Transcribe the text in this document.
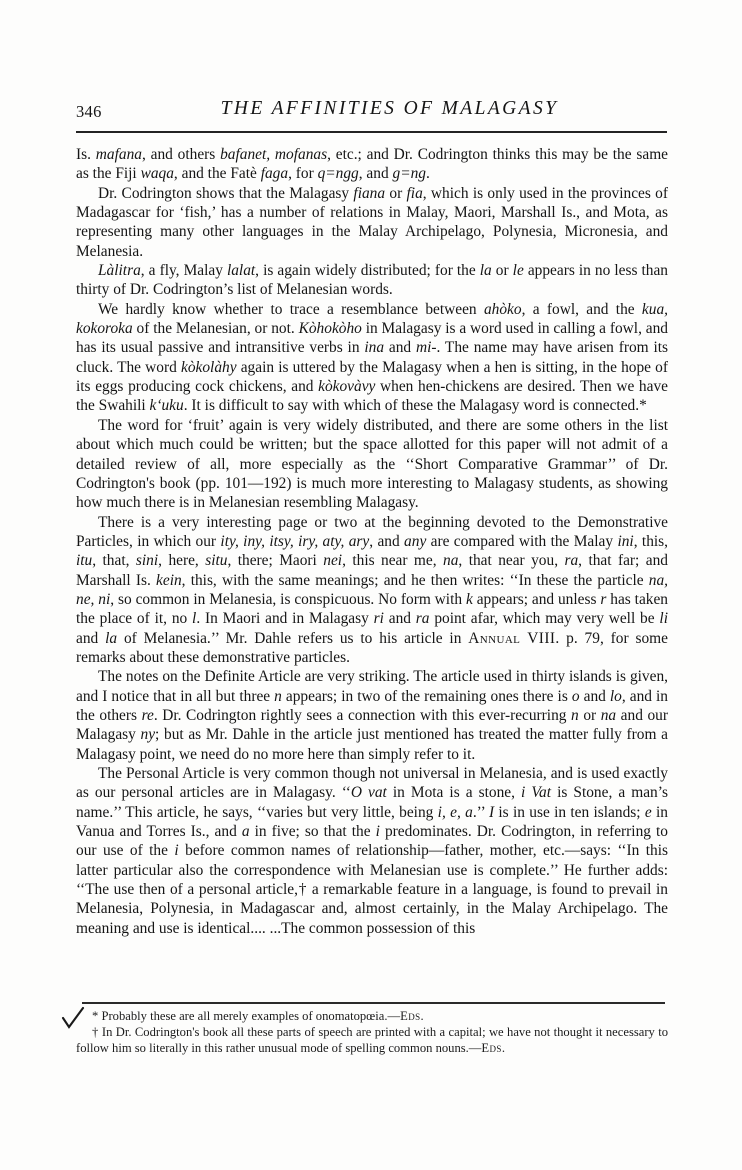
346	THE AFFINITIES OF MALAGASY

Is. mafana, and others bafanet, mofanas, etc.; and Dr. Codrington thinks this may be the same as the Fiji waqa, and the Fatè faga, for q=ngg, and g=ng.

Dr. Codrington shows that the Malagasy fiana or fia, which is only used in the provinces of Madagascar for ‘fish,’ has a number of relations in Malay, Maori, Marshall Is., and Mota, as representing many other languages in the Malay Archipelago, Polynesia, Micronesia, and Melanesia.

Làlitra, a fly, Malay lalat, is again widely distributed; for the la or le appears in no less than thirty of Dr. Codrington’s list of Melanesian words.

We hardly know whether to trace a resemblance between ahòko, a fowl, and the kua, kokoroka of the Melanesian, or not. Kòhokòho in Malagasy is a word used in calling a fowl, and has its usual passive and intransitive verbs in ina and mi-. The name may have arisen from its cluck. The word kòkolàhy again is uttered by the Malagasy when a hen is sitting, in the hope of its eggs producing cock chickens, and kòkovàvy when hen-chickens are desired. Then we have the Swahili k‘uku. It is difficult to say with which of these the Malagasy word is connected.*

The word for ‘fruit’ again is very widely distributed, and there are some others in the list about which much could be written; but the space allotted for this paper will not admit of a detailed review of all, more especially as the ‘‘Short Comparative Grammar’’ of Dr. Codrington's book (pp. 101—192) is much more interesting to Malagasy students, as showing how much there is in Melanesian resembling Malagasy.

There is a very interesting page or two at the beginning devoted to the Demonstrative Particles, in which our ity, iny, itsy, iry, aty, ary, and any are compared with the Malay ini, this, itu, that, sini, here, situ, there; Maori nei, this near me, na, that near you, ra, that far; and Marshall Is. kein, this, with the same meanings; and he then writes: ‘‘In these the particle na, ne, ni, so common in Melanesia, is conspicuous. No form with k appears; and unless r has taken the place of it, no l. In Maori and in Malagasy ri and ra point afar, which may very well be li and la of Melanesia.’’ Mr. Dahle refers us to his article in Annual VIII. p. 79, for some remarks about these demonstrative particles.

The notes on the Definite Article are very striking. The article used in thirty islands is given, and I notice that in all but three n appears; in two of the remaining ones there is o and lo, and in the others re. Dr. Codrington rightly sees a connection with this ever-recurring n or na and our Malagasy ny; but as Mr. Dahle in the article just mentioned has treated the matter fully from a Malagasy point, we need do no more here than simply refer to it.

The Personal Article is very common though not universal in Melanesia, and is used exactly as our personal articles are in Malagasy. ‘‘O vat in Mota is a stone, i Vat is Stone, a man’s name.’’ This article, he says, ‘‘varies but very little, being i, e, a.’’ I is in use in ten islands; e in Vanua and Torres Is., and a in five; so that the i predominates. Dr. Codrington, in referring to our use of the i before common names of relationship—father, mother, etc.—says: ‘‘In this latter particular also the correspondence with Melanesian use is complete.’’ He further adds: ‘‘The use then of a personal article,† a remarkable feature in a language, is found to prevail in Melanesia, Polynesia, in Madagascar and, almost certainly, in the Malay Archipelago. The meaning and use is identical.... ...The common possession of this

* Probably these are all merely examples of onomatopœia.—Eds.

† In Dr. Codrington's book all these parts of speech are printed with a capital; we have not thought it necessary to follow him so literally in this rather unusual mode of spelling common nouns.—Eds.
